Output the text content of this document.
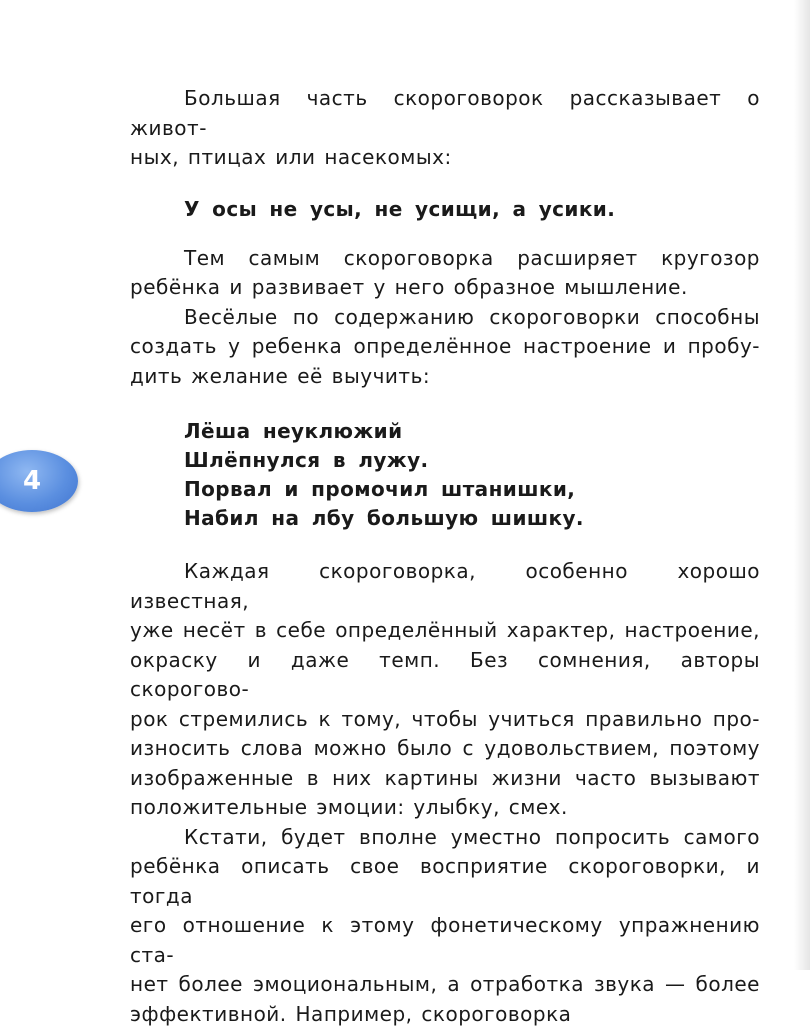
Большая часть скороговорок рассказывает о живот-
ных, птицах или насекомых:

У осы не усы, не усищи, а усики.

Тем самым скороговорка расширяет кругозор
ребёнка и развивает у него образное мышление.

Весёлые по содержанию скороговорки способны
создать у ребенка определённое настроение и пробу-
дить желание её выучить:

Лёша неуклюжий
Шлёпнулся в лужу.
Порвал и промочил штанишки,
Набил на лбу большую шишку.

Каждая скороговорка, особенно хорошо известная,
уже несёт в себе определённый характер, настроение,
окраску и даже темп. Без сомнения, авторы скорогово-
рок стремились к тому, чтобы учиться правильно про-
износить слова можно было с удовольствием, поэтому
изображенные в них картины жизни часто вызывают
положительные эмоции: улыбку, смех.

Кстати, будет вполне уместно попросить самого
ребёнка описать свое восприятие скороговорки, и тогда
его отношение к этому фонетическому упражнению ста-
нет более эмоциональным, а отработка звука — более
эффективной. Например, скороговорка

4
